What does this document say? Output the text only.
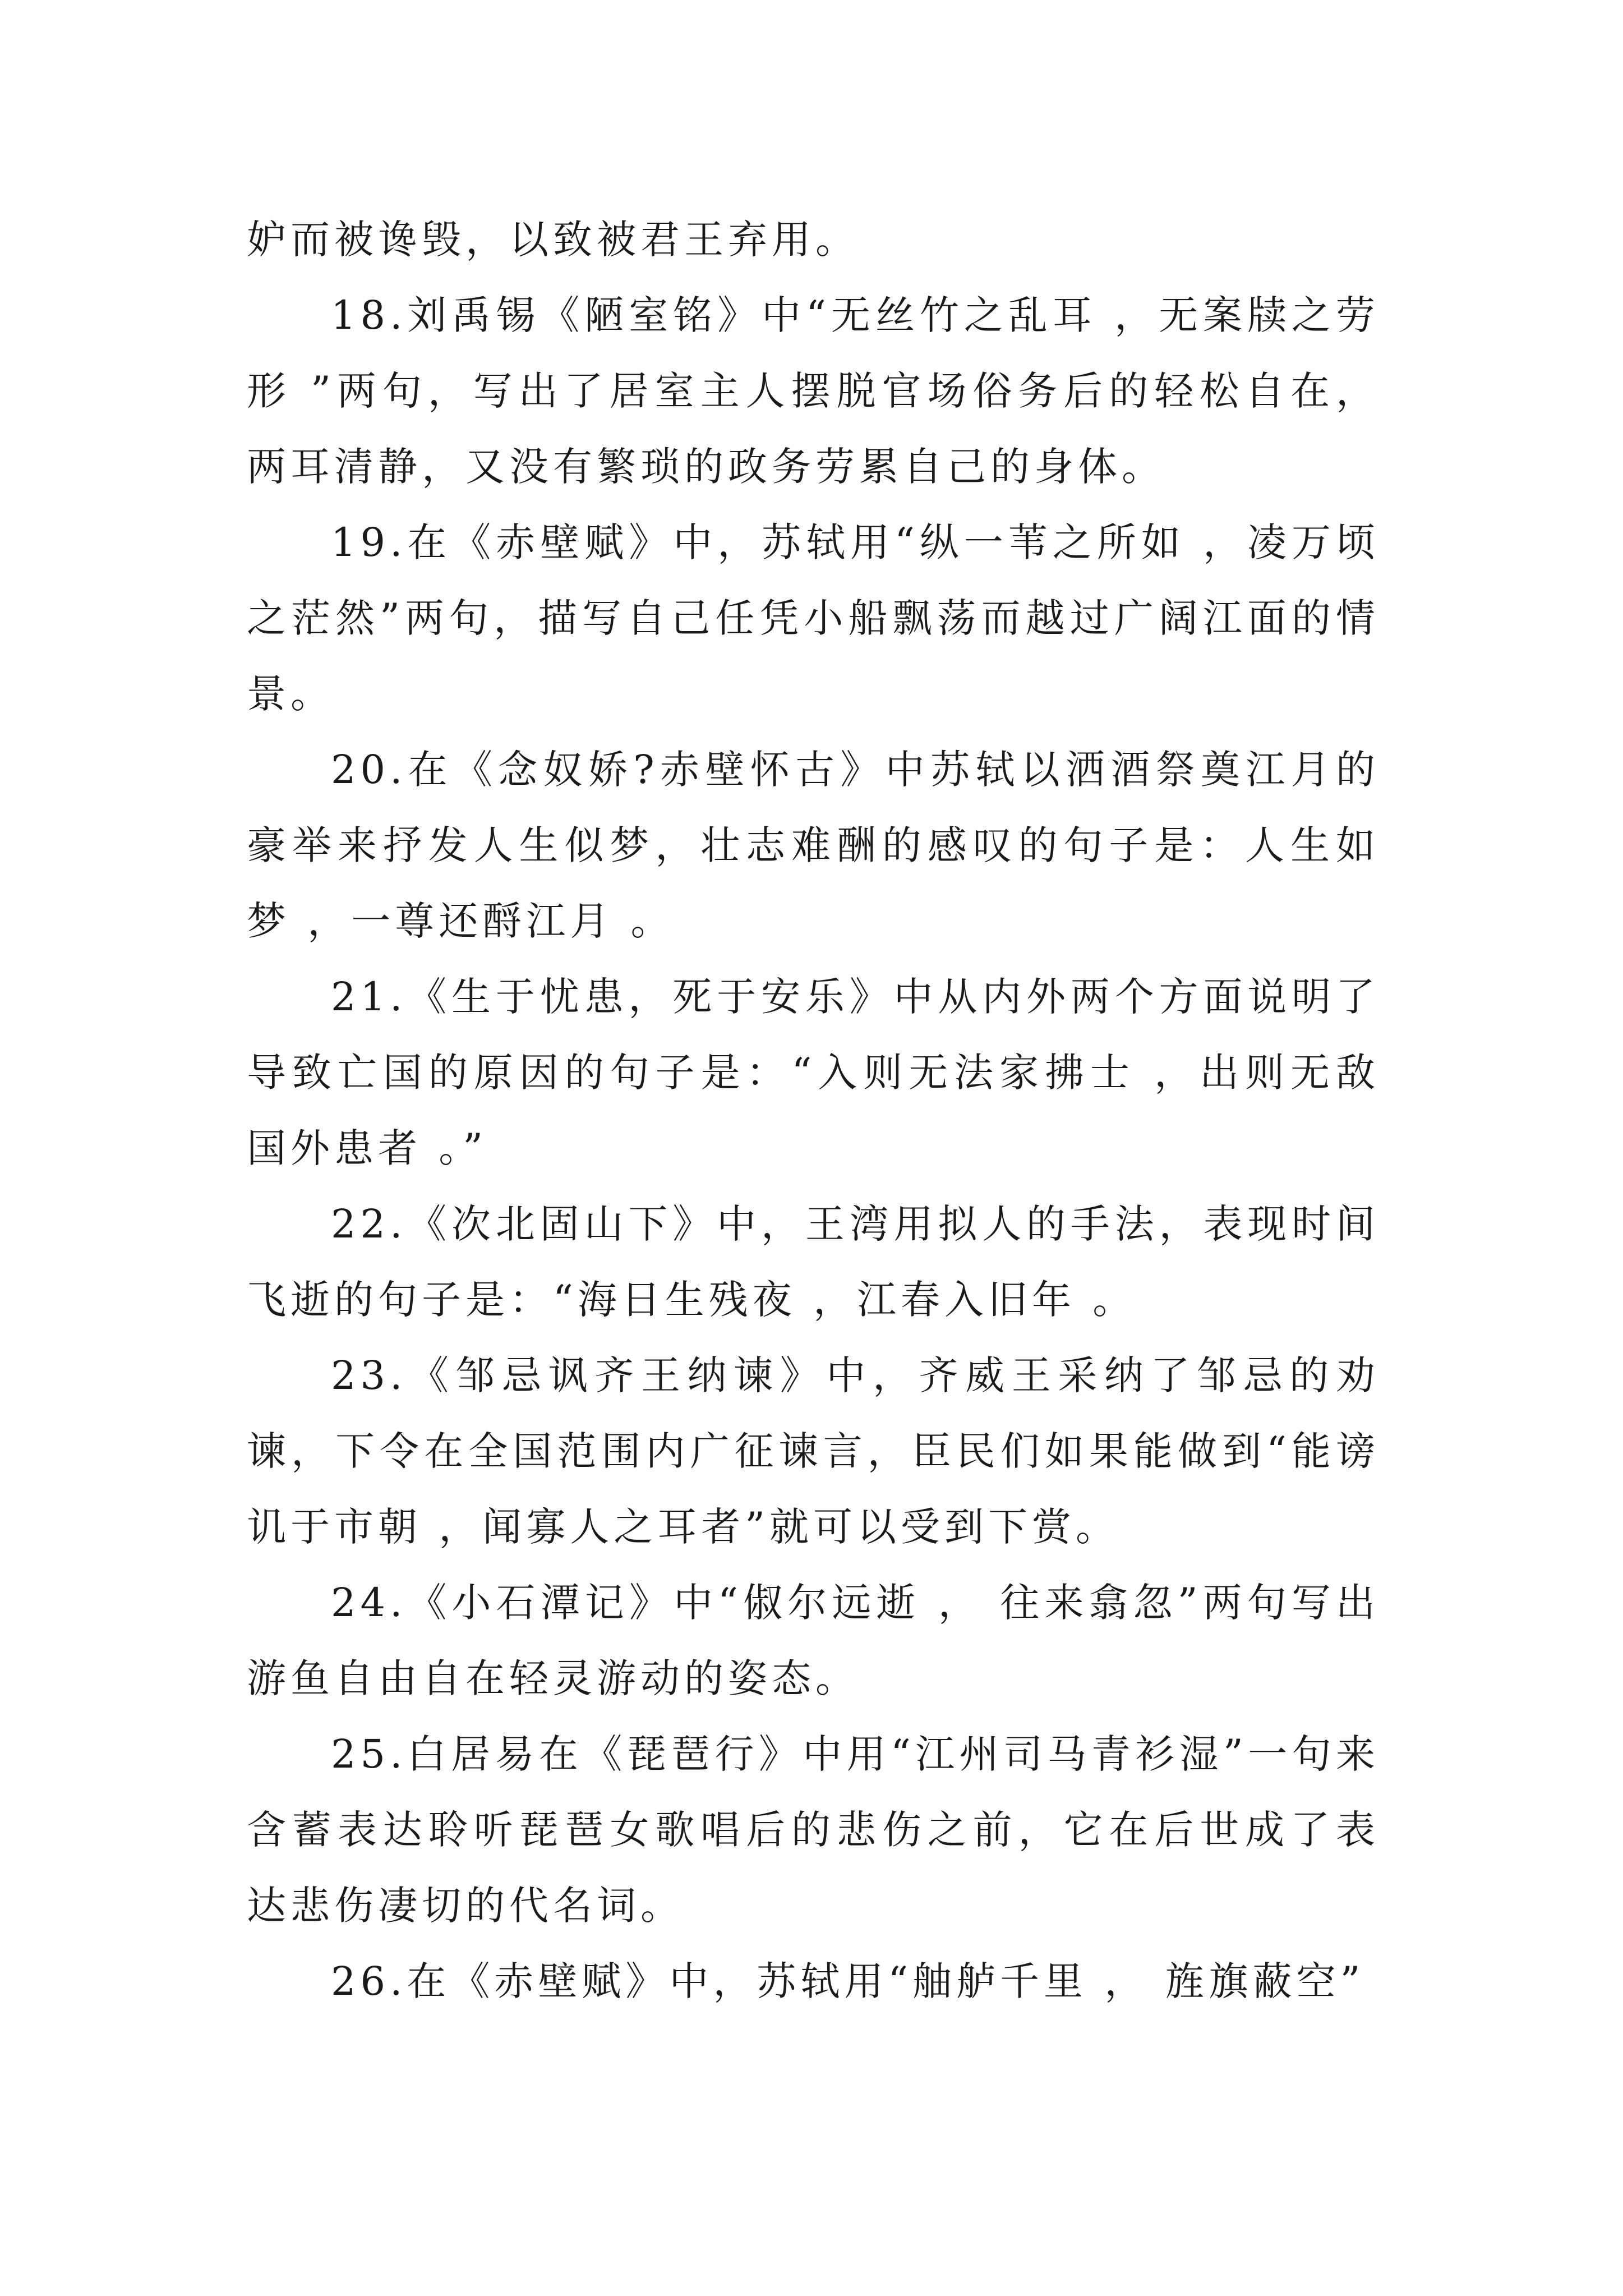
妒而被谗毁，以致被君王弃用。

18.刘禹锡《陋室铭》中“无丝竹之乱耳 ，无案牍之劳形 ”两句，写出了居室主人摆脱官场俗务后的轻松自在，两耳清静，又没有繁琐的政务劳累自己的身体。

19.在《赤壁赋》中，苏轼用“纵一苇之所如 ，凌万顷之茫然”两句，描写自己任凭小船飘荡而越过广阔江面的情景。

20.在《念奴娇?赤壁怀古》中苏轼以洒酒祭奠江月的豪举来抒发人生似梦，壮志难酬的感叹的句子是：人生如梦 ，一尊还酹江月 。

21.《生于忧患，死于安乐》中从内外两个方面说明了导致亡国的原因的句子是：“入则无法家拂士 ，出则无敌国外患者 。”

22.《次北固山下》中，王湾用拟人的手法，表现时间飞逝的句子是：“海日生残夜 ，江春入旧年 。

23.《邹忌讽齐王纳谏》中，齐威王采纳了邹忌的劝谏，下令在全国范围内广征谏言，臣民们如果能做到“能谤讥于市朝 ，闻寡人之耳者”就可以受到下赏。

24.《小石潭记》中“俶尔远逝 ， 往来翕忽”两句写出游鱼自由自在轻灵游动的姿态。

25.白居易在《琵琶行》中用“江州司马青衫湿”一句来含蓄表达聆听琵琶女歌唱后的悲伤之前，它在后世成了表达悲伤凄切的代名词。

26.在《赤壁赋》中，苏轼用“舳舻千里 ， 旌旗蔽空”
